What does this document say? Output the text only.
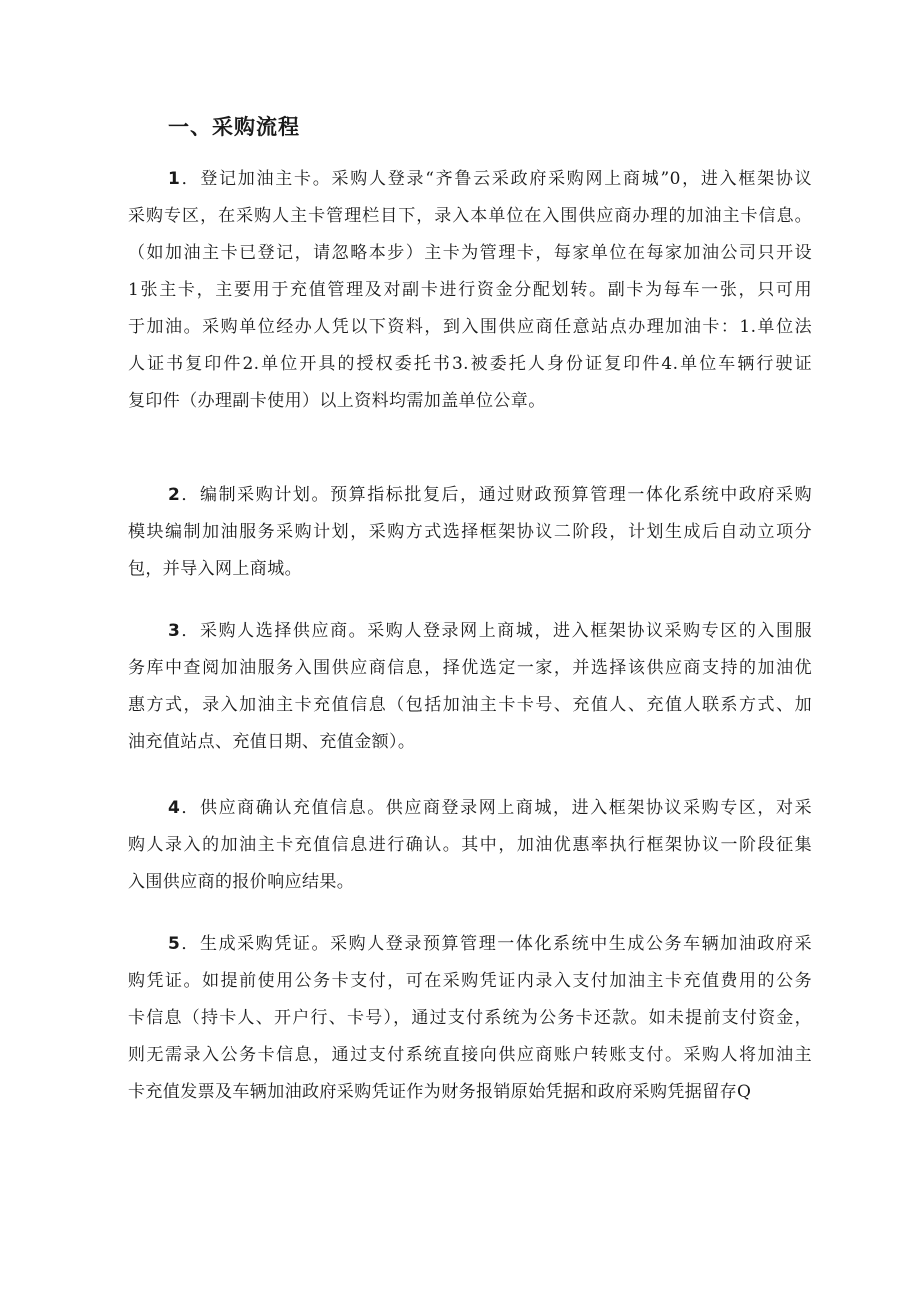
一、采购流程
1．登记加油主卡。采购人登录“齐鲁云采政府采购网上商城”0，进入框架协议
采购专区，在采购人主卡管理栏目下，录入本单位在入围供应商办理的加油主卡信息。
（如加油主卡已登记，请忽略本步）主卡为管理卡，每家单位在每家加油公司只开设
1张主卡，主要用于充值管理及对副卡进行资金分配划转。副卡为每车一张，只可用
于加油。采购单位经办人凭以下资料，到入围供应商任意站点办理加油卡：1.单位法
人证书复印件2.单位开具的授权委托书3.被委托人身份证复印件4.单位车辆行驶证
复印件（办理副卡使用）以上资料均需加盖单位公章。
2．编制采购计划。预算指标批复后，通过财政预算管理一体化系统中政府采购
模块编制加油服务采购计划，采购方式选择框架协议二阶段，计划生成后自动立项分
包，并导入网上商城。
3．采购人选择供应商。采购人登录网上商城，进入框架协议采购专区的入围服
务库中查阅加油服务入围供应商信息，择优选定一家，并选择该供应商支持的加油优
惠方式，录入加油主卡充值信息（包括加油主卡卡号、充值人、充值人联系方式、加
油充值站点、充值日期、充值金额）。
4．供应商确认充值信息。供应商登录网上商城，进入框架协议采购专区，对采
购人录入的加油主卡充值信息进行确认。其中，加油优惠率执行框架协议一阶段征集
入围供应商的报价响应结果。
5．生成采购凭证。采购人登录预算管理一体化系统中生成公务车辆加油政府采
购凭证。如提前使用公务卡支付，可在采购凭证内录入支付加油主卡充值费用的公务
卡信息（持卡人、开户行、卡号），通过支付系统为公务卡还款。如未提前支付资金，
则无需录入公务卡信息，通过支付系统直接向供应商账户转账支付。采购人将加油主
卡充值发票及车辆加油政府采购凭证作为财务报销原始凭据和政府采购凭据留存Q
